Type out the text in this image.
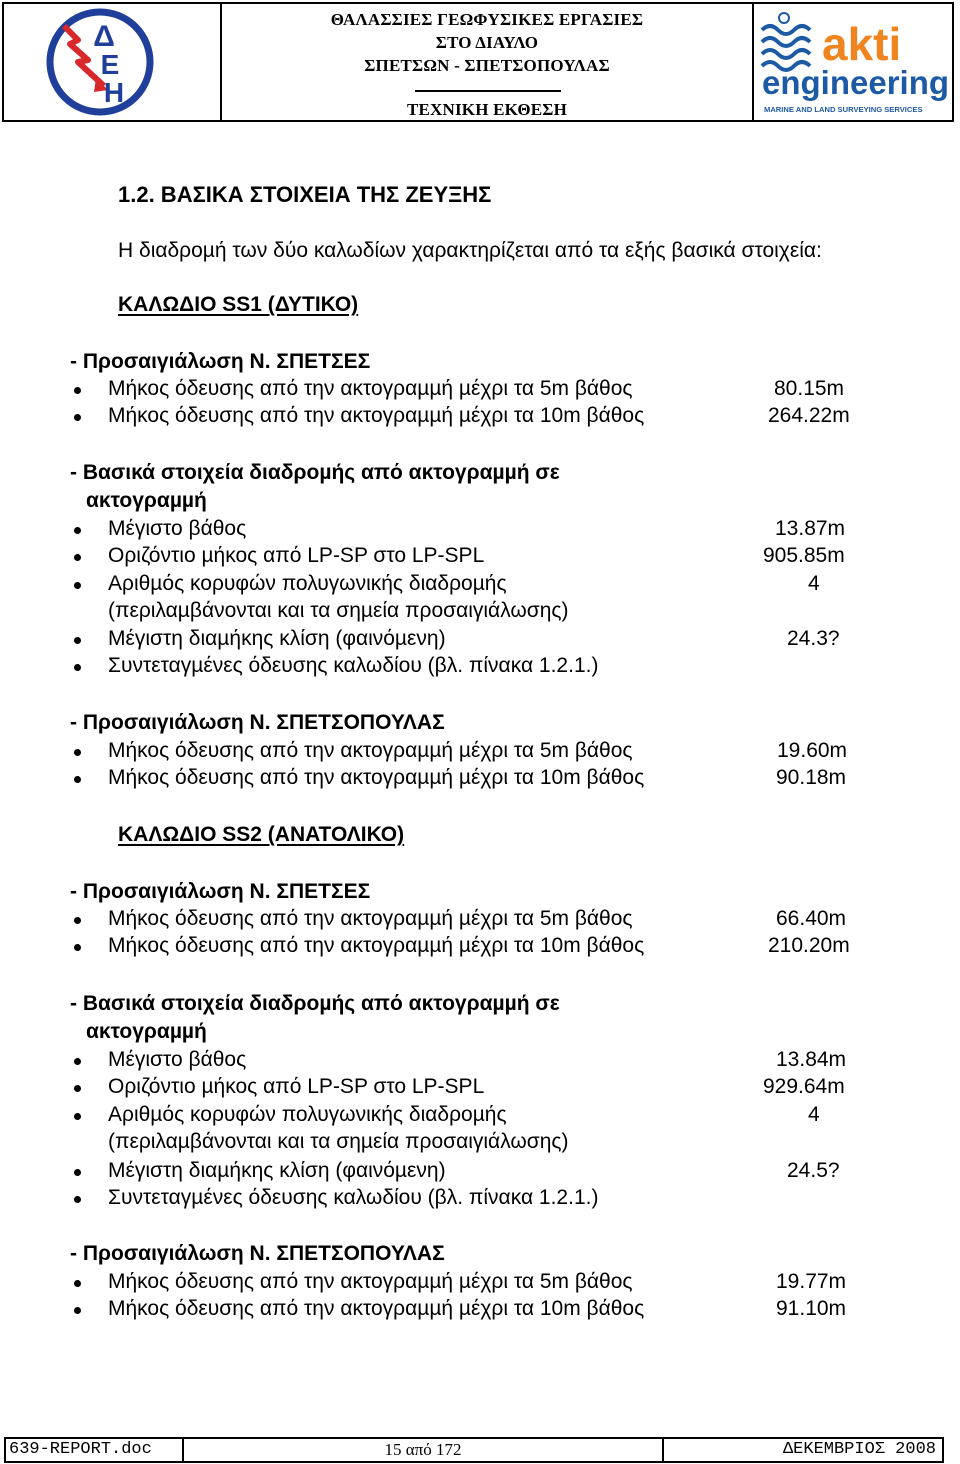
Δ
Ε
Η
ΘΑΛΑΣΣΙΕΣ ΓΕΩΦΥΣΙΚΕΣ ΕΡΓΑΣΙΕΣ
ΣΤΟ ΔΙΑΥΛΟ
ΣΠΕΤΣΩΝ - ΣΠΕΤΣΟΠΟΥΛΑΣ
ΤΕΧΝΙΚΗ ΕΚΘΕΣΗ
akti
engineering
MARINE AND LAND SURVEYING SERVICES
1.2. ΒΑΣΙΚΑ ΣΤΟΙΧΕΙΑ ΤΗΣ ΖΕΥΞΗΣ
Η διαδροµή των δύο καλωδίων χαρακτηρίζεται από τα εξής βασικά στοιχεία:
ΚΑΛΩΔΙΟ SS1 (ΔΥΤΙΚΟ)
- Προσαιγιάλωση Ν. ΣΠΕΤΣΕΣ
Μήκος όδευσης από την ακτογραµµή µέχρι τα 5m βάθος	80.15m
Μήκος όδευσης από την ακτογραµµή µέχρι τα 10m βάθος	264.22m
- Βασικά στοιχεία διαδροµής από ακτογραµµή σε
ακτογραµµή
Μέγιστο βάθος	13.87m
Οριζόντιο µήκος από LP-SP στο LP-SPL	905.85m
Αριθµός κορυφών πολυγωνικής διαδροµής	4
(περιλαµβάνονται και τα σηµεία προσαιγιάλωσης)
Μέγιστη διαµήκης κλίση (φαινόµενη)	24.3?
Συντεταγµένες όδευσης καλωδίου (βλ. πίνακα 1.2.1.)
- Προσαιγιάλωση Ν. ΣΠΕΤΣΟΠΟΥΛΑΣ
Μήκος όδευσης από την ακτογραµµή µέχρι τα 5m βάθος	19.60m
Μήκος όδευσης από την ακτογραµµή µέχρι τα 10m βάθος	90.18m
ΚΑΛΩΔΙΟ SS2 (ΑΝΑΤΟΛΙΚΟ)
- Προσαιγιάλωση Ν. ΣΠΕΤΣΕΣ
Μήκος όδευσης από την ακτογραµµή µέχρι τα 5m βάθος	66.40m
Μήκος όδευσης από την ακτογραµµή µέχρι τα 10m βάθος	210.20m
- Βασικά στοιχεία διαδροµής από ακτογραµµή σε
ακτογραµµή
Μέγιστο βάθος	13.84m
Οριζόντιο µήκος από LP-SP στο LP-SPL	929.64m
Αριθµός κορυφών πολυγωνικής διαδροµής	4
(περιλαµβάνονται και τα σηµεία προσαιγιάλωσης)
Μέγιστη διαµήκης κλίση (φαινόµενη)	24.5?
Συντεταγµένες όδευσης καλωδίου (βλ. πίνακα 1.2.1.)
- Προσαιγιάλωση Ν. ΣΠΕΤΣΟΠΟΥΛΑΣ
Μήκος όδευσης από την ακτογραµµή µέχρι τα 5m βάθος	19.77m
Μήκος όδευσης από την ακτογραµµή µέχρι τα 10m βάθος	91.10m
639-REPORT.doc	15 από 172	ΔΕΚΕΜΒΡΙΟΣ 2008
